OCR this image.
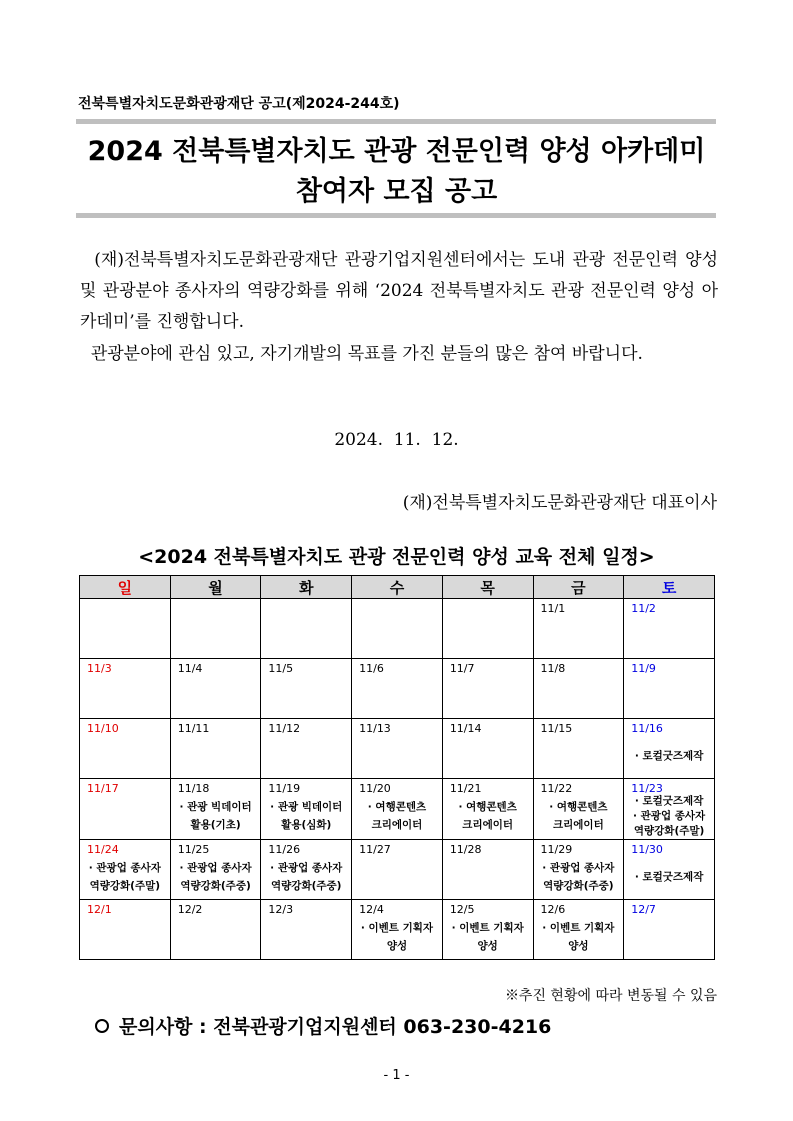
전북특별자치도문화관광재단 공고(제2024-244호)
2024 전북특별자치도 관광 전문인력 양성 아카데미
참여자 모집 공고

(재)전북특별자치도문화관광재단 관광기업지원센터에서는 도내 관광 전문인력 양성 및 관광분야 종사자의 역량강화를 위해 ‘2024 전북특별자치도 관광 전문인력 양성 아카데미’를 진행합니다.

관광분야에 관심 있고, 자기개발의 목표를 가진 분들의 많은 참여 바랍니다.

2024.  11.  12.
(재)전북특별자치도문화관광재단 대표이사
<2024 전북특별자치도 관광 전문인력 양성 교육 전체 일정>
일	월	화	수	목	금	토

					11/1	11/2

11/3	11/4	11/5	11/6	11/7	11/8	11/9

11/10	11/11	11/12	11/13	11/14	11/15	11/16
· 로컬굿즈제작

11/17	11/18
· 관광 빅데이터
활용(기초)	11/19
· 관광 빅데이터
활용(심화)	11/20
· 여행콘텐츠
크리에이터	11/21
· 여행콘텐츠
크리에이터	11/22
· 여행콘텐츠
크리에이터	11/23
· 로컬굿즈제작
· 관광업 종사자
역량강화(주말)

11/24
· 관광업 종사자
역량강화(주말)	11/25
· 관광업 종사자
역량강화(주중)	11/26
· 관광업 종사자
역량강화(주중)	11/27	11/28	11/29
· 관광업 종사자
역량강화(주중)	11/30
· 로컬굿즈제작

12/1	12/2	12/3	12/4
· 이벤트 기획자
양성	12/5
· 이벤트 기획자
양성	12/6
· 이벤트 기획자
양성	12/7
※추진 현황에 따라 변동될 수 있음
문의사항 : 전북관광기업지원센터 063-230-4216
- 1 -
